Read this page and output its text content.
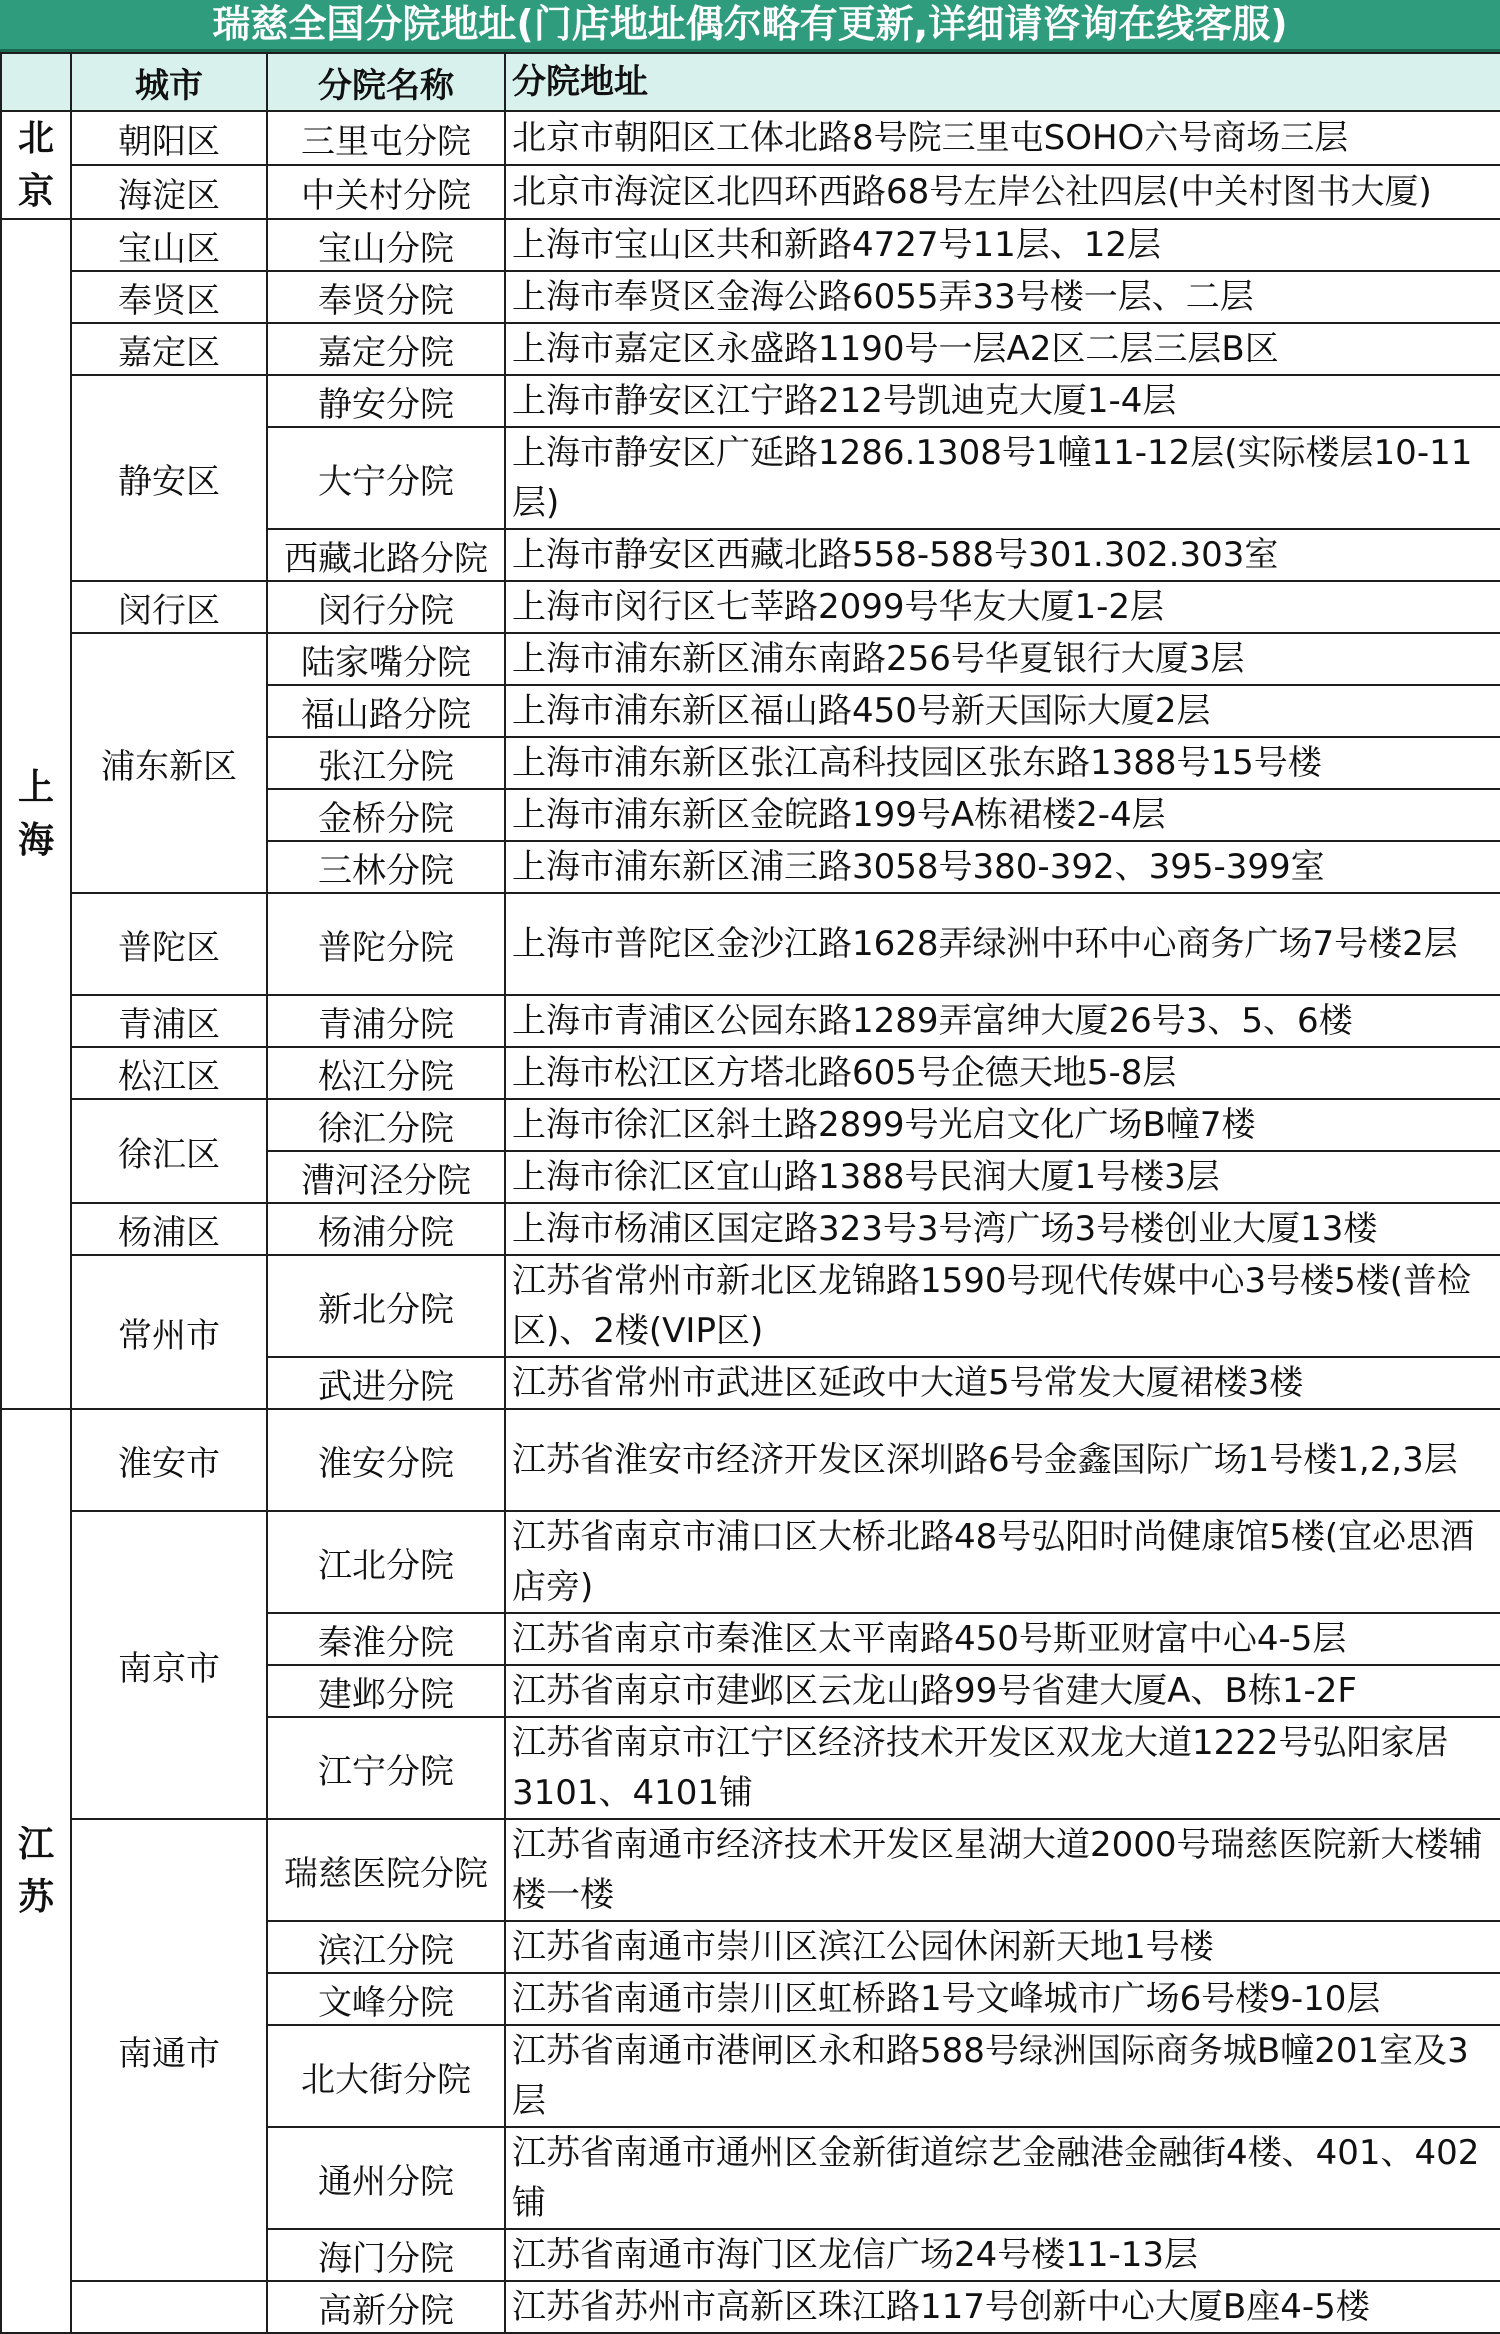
瑞慈全国分院地址(门店地址偶尔略有更新,详细请咨询在线客服)
	城市	分院名称	分院地址
北京	朝阳区	三里屯分院	北京市朝阳区工体北路8号院三里屯SOHO六号商场三层
	海淀区	中关村分院	北京市海淀区北四环西路68号左岸公社四层(中关村图书大厦)
上海	宝山区	宝山分院	上海市宝山区共和新路4727号11层、12层
	奉贤区	奉贤分院	上海市奉贤区金海公路6055弄33号楼一层、二层
	嘉定区	嘉定分院	上海市嘉定区永盛路1190号一层A2区二层三层B区
	静安区	静安分院	上海市静安区江宁路212号凯迪克大厦1-4层
		大宁分院	上海市静安区广延路1286.1308号1幢11-12层(实际楼层10-11层)
		西藏北路分院	上海市静安区西藏北路558-588号301.302.303室
	闵行区	闵行分院	上海市闵行区七莘路2099号华友大厦1-2层
	浦东新区	陆家嘴分院	上海市浦东新区浦东南路256号华夏银行大厦3层
		福山路分院	上海市浦东新区福山路450号新天国际大厦2层
		张江分院	上海市浦东新区张江高科技园区张东路1388号15号楼
		金桥分院	上海市浦东新区金皖路199号A栋裙楼2-4层
		三林分院	上海市浦东新区浦三路3058号380-392、395-399室
	普陀区	普陀分院	上海市普陀区金沙江路1628弄绿洲中环中心商务广场7号楼2层
	青浦区	青浦分院	上海市青浦区公园东路1289弄富绅大厦26号3、5、6楼
	松江区	松江分院	上海市松江区方塔北路605号企德天地5-8层
	徐汇区	徐汇分院	上海市徐汇区斜土路2899号光启文化广场B幢7楼
		漕河泾分院	上海市徐汇区宜山路1388号民润大厦1号楼3层
	杨浦区	杨浦分院	上海市杨浦区国定路323号3号湾广场3号楼创业大厦13楼
	常州市	新北分院	江苏省常州市新北区龙锦路1590号现代传媒中心3号楼5楼(普检区)、2楼(VIP区)
		武进分院	江苏省常州市武进区延政中大道5号常发大厦裙楼3楼
江苏	淮安市	淮安分院	江苏省淮安市经济开发区深圳路6号金鑫国际广场1号楼1,2,3层
	南京市	江北分院	江苏省南京市浦口区大桥北路48号弘阳时尚健康馆5楼(宜必思酒店旁)
		秦淮分院	江苏省南京市秦淮区太平南路450号斯亚财富中心4-5层
		建邺分院	江苏省南京市建邺区云龙山路99号省建大厦A、B栋1-2F
		江宁分院	江苏省南京市江宁区经济技术开发区双龙大道1222号弘阳家居3101、4101铺
	南通市	瑞慈医院分院	江苏省南通市经济技术开发区星湖大道2000号瑞慈医院新大楼辅楼一楼
		滨江分院	江苏省南通市崇川区滨江公园休闲新天地1号楼
		文峰分院	江苏省南通市崇川区虹桥路1号文峰城市广场6号楼9-10层
		北大街分院	江苏省南通市港闸区永和路588号绿洲国际商务城B幢201室及3层
		通州分院	江苏省南通市通州区金新街道综艺金融港金融街4楼、401、402铺
		海门分院	江苏省南通市海门区龙信广场24号楼11-13层
		高新分院	江苏省苏州市高新区珠江路117号创新中心大厦B座4-5楼
